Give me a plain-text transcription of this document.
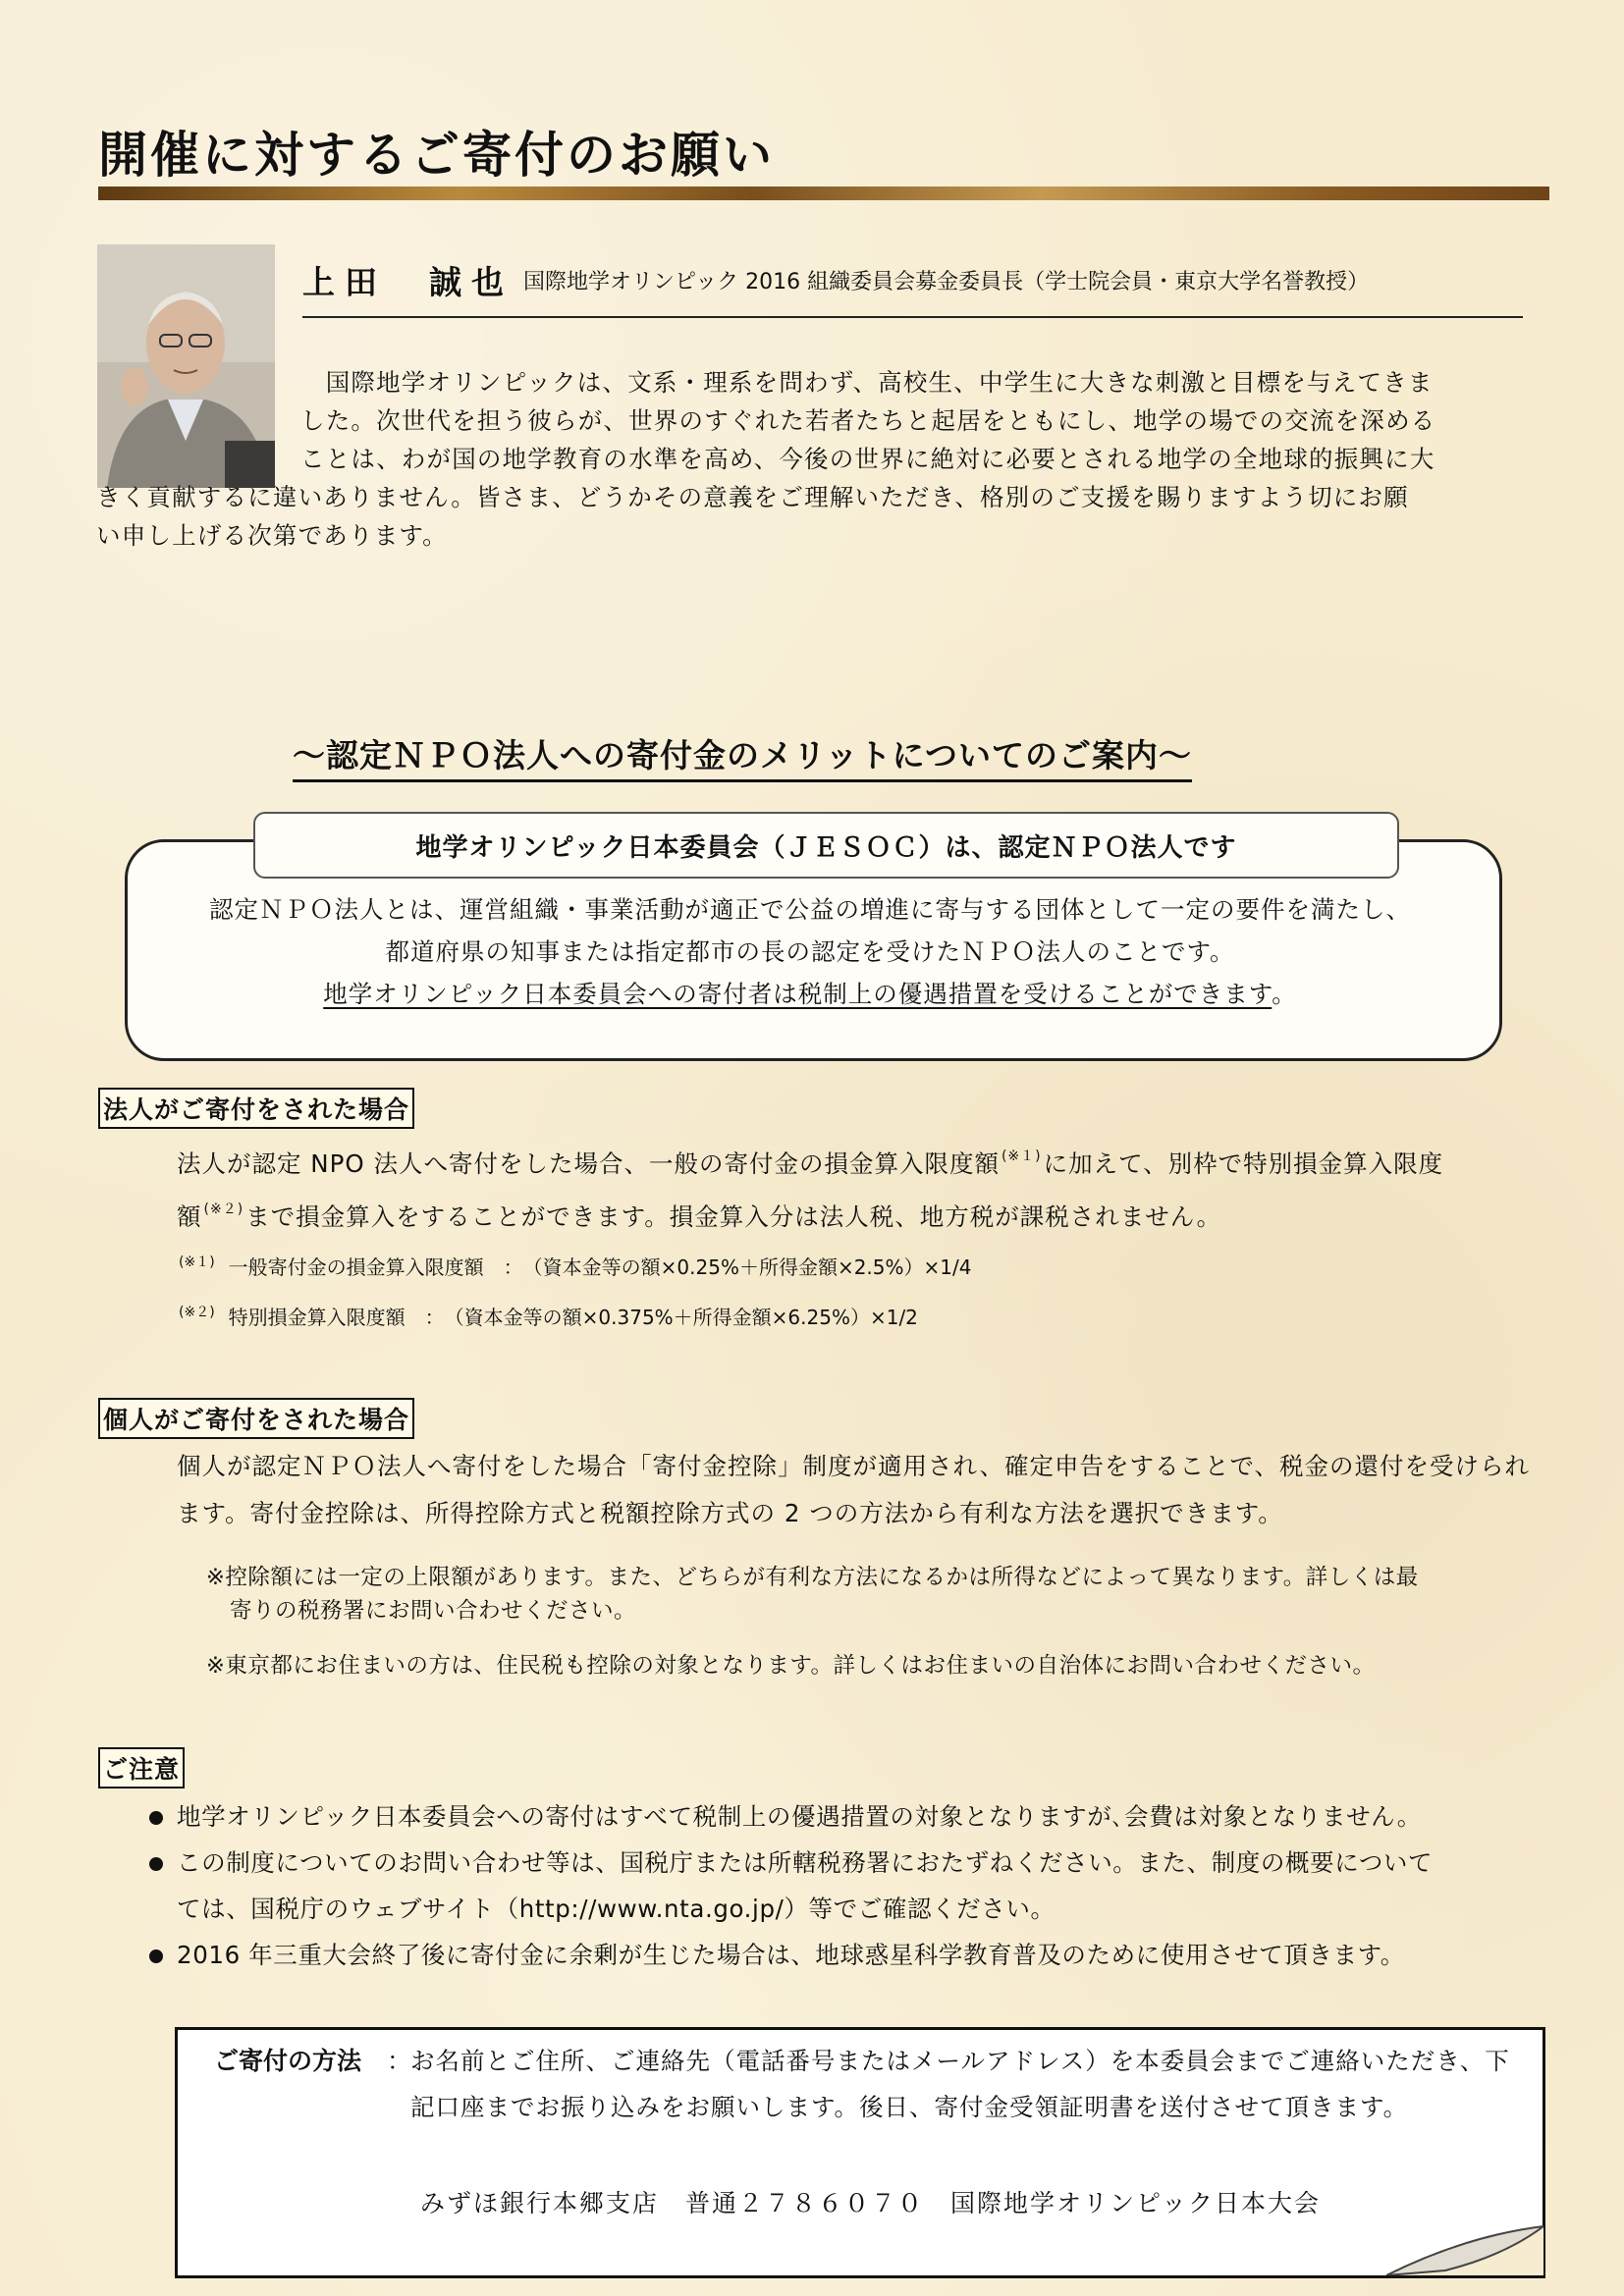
開催に対するご寄付のお願い
上田　誠也 国際地学オリンピック 2016 組織委員会募金委員長（学士院会員・東京大学名誉教授）
　国際地学オリンピックは、文系・理系を問わず、高校生、中学生に大きな刺激と目標を与えてきま
した。次世代を担う彼らが、世界のすぐれた若者たちと起居をともにし、地学の場での交流を深める
ことは、わが国の地学教育の水準を高め、今後の世界に絶対に必要とされる地学の全地球的振興に大
きく貢献するに違いありません。皆さま、どうかその意義をご理解いただき、格別のご支援を賜りますよう切にお願
い申し上げる次第であります。
～認定ＮＰＯ法人への寄付金のメリットについてのご案内～
地学オリンピック日本委員会（ＪＥＳＯＣ）は、認定ＮＰＯ法人です
認定ＮＰＯ法人とは、運営組織・事業活動が適正で公益の増進に寄与する団体として一定の要件を満たし、
都道府県の知事または指定都市の長の認定を受けたＮＰＯ法人のことです。
地学オリンピック日本委員会への寄付者は税制上の優遇措置を受けることができます。
法人がご寄付をされた場合
法人が認定 NPO 法人へ寄付をした場合、一般の寄付金の損金算入限度額 $^{(※1)}$に加えて、別枠で特別損金算入限度
額 $^{(※2)}$まで損金算入をすることができます。損金算入分は法人税、地方税が課税されません。
$^{(※1)}$ 一般寄付金の損金算入限度額　：　（資本金等の額×0.25%＋所得金額×2.5%）×1/4
$^{(※2)}$ 特別損金算入限度額　：　（資本金等の額×0.375%＋所得金額×6.25%）×1/2
個人がご寄付をされた場合
個人が認定ＮＰＯ法人へ寄付をした場合「寄付金控除」制度が適用され、確定申告をすることで、税金の還付を受けられます。寄付金控除は、所得控除方式と税額控除方式の 2 つの方法から有利な方法を選択できます。
※控除額には一定の上限額があります。また、どちらが有利な方法になるかは所得などによって異なります。詳しくは最
寄りの税務署にお問い合わせください。
※東京都にお住まいの方は、住民税も控除の対象となります。詳しくはお住まいの自治体にお問い合わせください。
ご注意
地学オリンピック日本委員会への寄付はすべて税制上の優遇措置の対象となりますが､会費は対象となりません。
この制度についてのお問い合わせ等は、国税庁または所轄税務署におたずねください。また、制度の概要について
ては、国税庁のウェブサイト（http://www.nta.go.jp/）等でご確認ください。
2016 年三重大会終了後に寄付金に余剰が生じた場合は、地球惑星科学教育普及のために使用させて頂きます。
ご寄付の方法 ：
お名前とご住所、ご連絡先（電話番号またはメールアドレス）を本委員会までご連絡いただき、下記口座までお振り込みをお願いします。後日、寄付金受領証明書を送付させて頂きます。
みずほ銀行本郷支店　普通２７８６０７０　国際地学オリンピック日本大会
